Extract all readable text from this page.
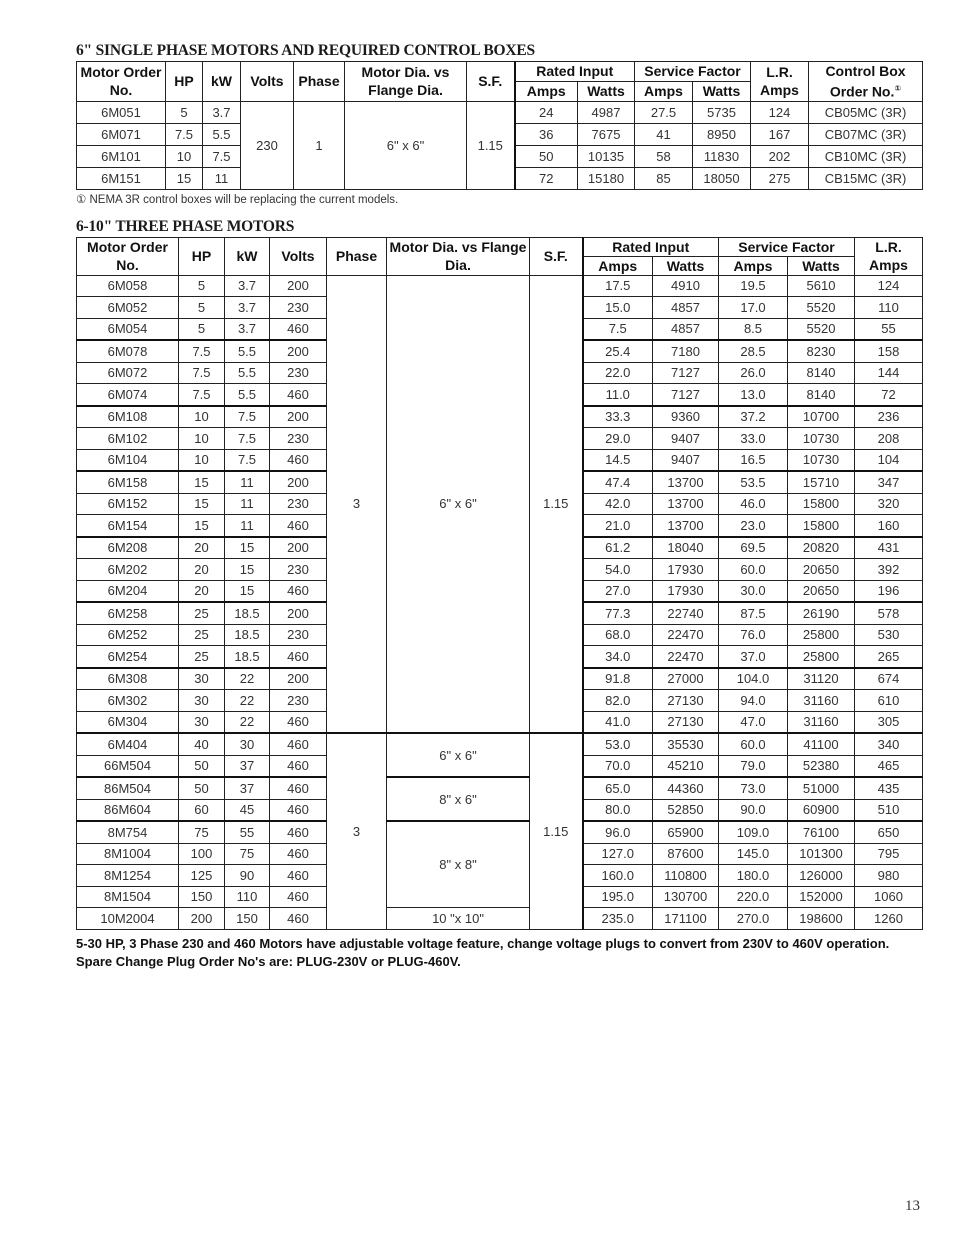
6" SINGLE PHASE MOTORS AND REQUIRED CONTROL BOXES
Motor Order No.	HP	kW	Volts	Phase	Motor Dia. vs Flange Dia.	S.F.	Rated Input		Service Factor		L.R. Amps	Control Box Order No.①
							Amps	Watts	Amps	Watts		
6M051	5	3.7	230	1	6" x 6"	1.15	24	4987	27.5	5735	124	CB05MC (3R)
6M071	7.5	5.5					36	7675	41	8950	167	CB07MC (3R)
6M101	10	7.5					50	10135	58	11830	202	CB10MC (3R)
6M151	15	11					72	15180	85	18050	275	CB15MC (3R)
① NEMA 3R control boxes will be replacing the current models.
6-10" THREE PHASE MOTORS
Motor Order No.	HP	kW	Volts	Phase	Motor Dia. vs Flange Dia.	S.F.	Rated Input		Service Factor		L.R. Amps
							Amps	Watts	Amps	Watts	
6M058	5	3.7	200	3	6" x 6"	1.15	17.5	4910	19.5	5610	124
6M052	5	3.7	230				15.0	4857	17.0	5520	110
6M054	5	3.7	460				7.5	4857	8.5	5520	55
6M078	7.5	5.5	200				25.4	7180	28.5	8230	158
6M072	7.5	5.5	230				22.0	7127	26.0	8140	144
6M074	7.5	5.5	460				11.0	7127	13.0	8140	72
6M108	10	7.5	200				33.3	9360	37.2	10700	236
6M102	10	7.5	230				29.0	9407	33.0	10730	208
6M104	10	7.5	460				14.5	9407	16.5	10730	104
6M158	15	11	200				47.4	13700	53.5	15710	347
6M152	15	11	230				42.0	13700	46.0	15800	320
6M154	15	11	460				21.0	13700	23.0	15800	160
6M208	20	15	200				61.2	18040	69.5	20820	431
6M202	20	15	230				54.0	17930	60.0	20650	392
6M204	20	15	460				27.0	17930	30.0	20650	196
6M258	25	18.5	200				77.3	22740	87.5	26190	578
6M252	25	18.5	230				68.0	22470	76.0	25800	530
6M254	25	18.5	460				34.0	22470	37.0	25800	265
6M308	30	22	200				91.8	27000	104.0	31120	674
6M302	30	22	230				82.0	27130	94.0	31160	610
6M304	30	22	460				41.0	27130	47.0	31160	305
6M404	40	30	460	3	6" x 6"	1.15	53.0	35530	60.0	41100	340
66M504	50	37	460				70.0	45210	79.0	52380	465
86M504	50	37	460		8" x 6"		65.0	44360	73.0	51000	435
86M604	60	45	460				80.0	52850	90.0	60900	510
8M754	75	55	460		8" x 8"		96.0	65900	109.0	76100	650
8M1004	100	75	460				127.0	87600	145.0	101300	795
8M1254	125	90	460				160.0	110800	180.0	126000	980
8M1504	150	110	460				195.0	130700	220.0	152000	1060
10M2004	200	150	460		10 "x 10"		235.0	171100	270.0	198600	1260
5-30 HP, 3 Phase 230 and 460 Motors have adjustable voltage feature, change voltage plugs to convert from 230V to 460V operation. Spare Change Plug Order No's are: PLUG-230V or PLUG-460V.
13
